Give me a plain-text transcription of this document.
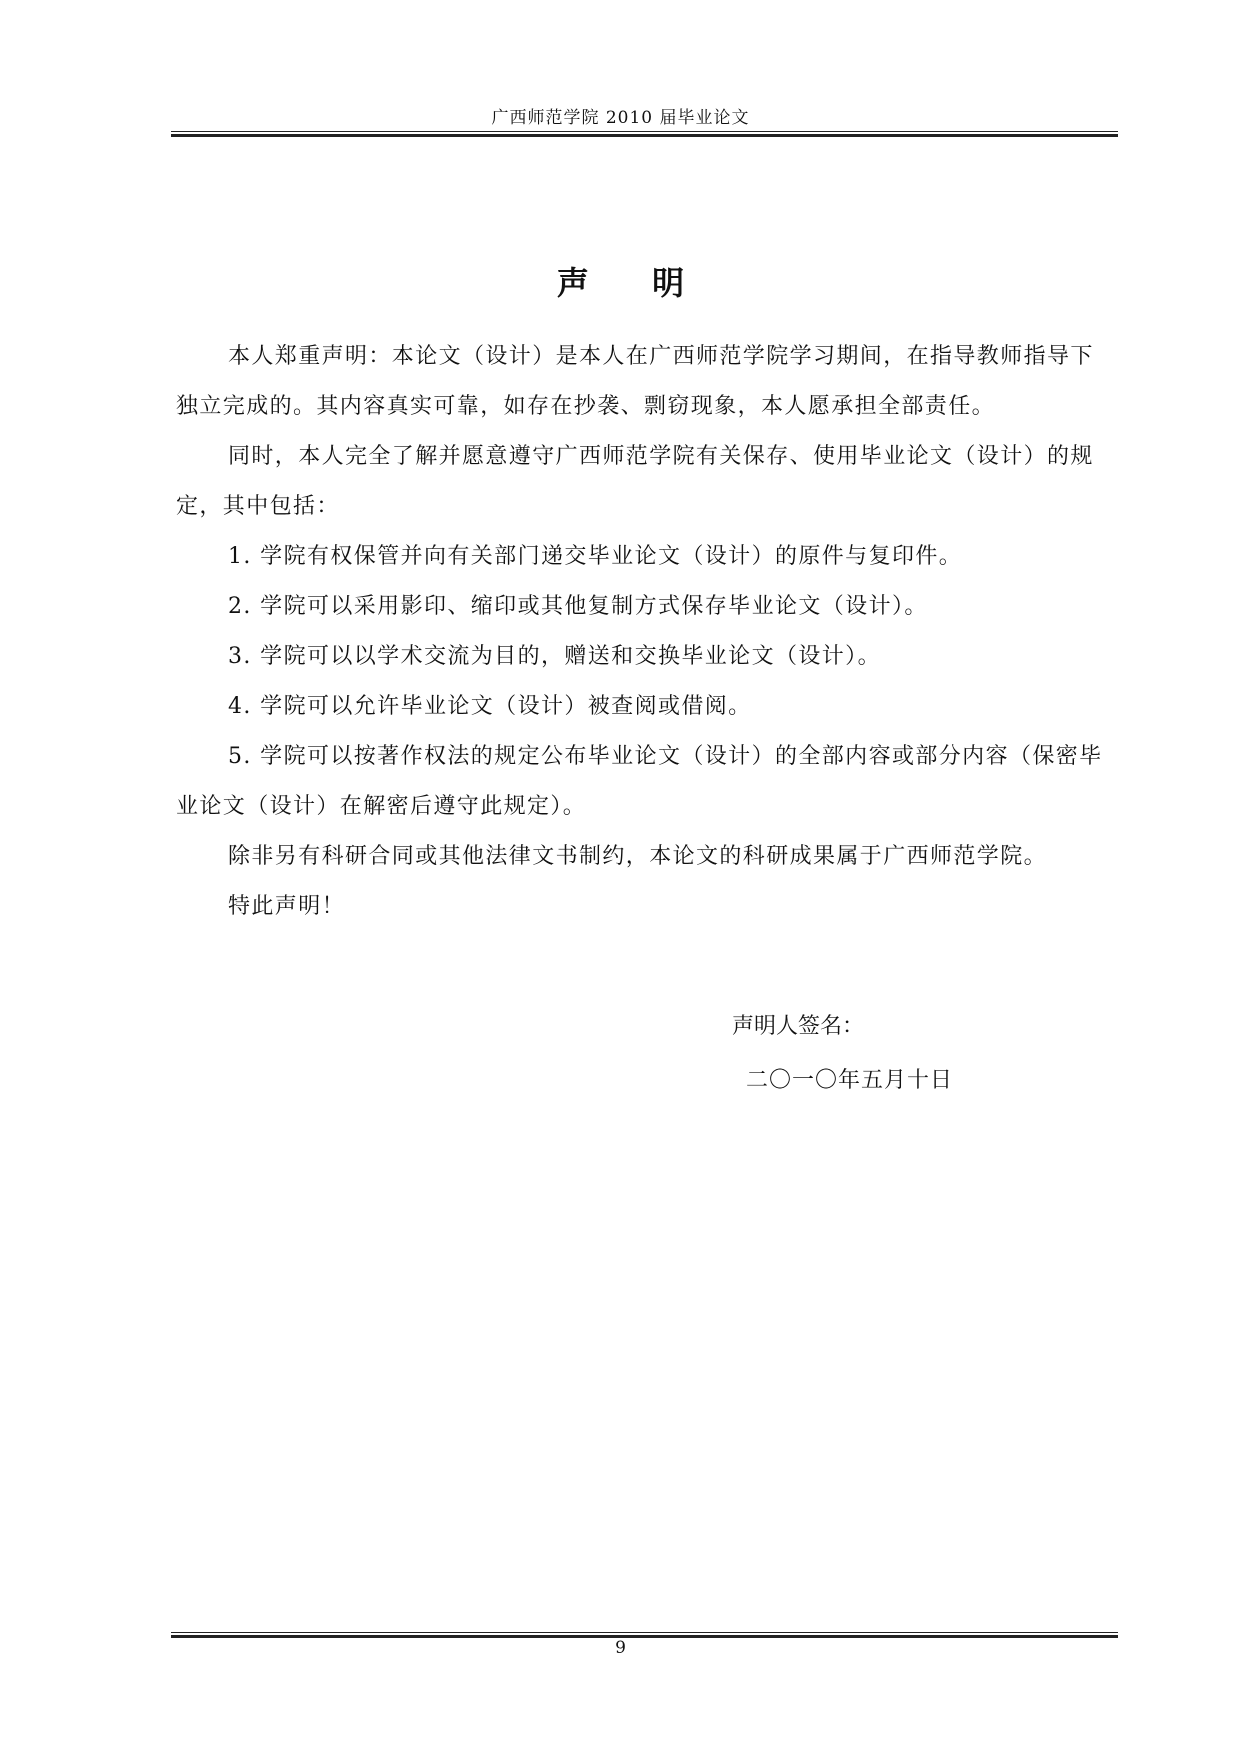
广西师范学院 2010 届毕业论文
声 明

本人郑重声明：本论文（设计）是本人在广西师范学院学习期间，在指导教师指导下独立完成的。其内容真实可靠，如存在抄袭、剽窃现象，本人愿承担全部责任。

同时，本人完全了解并愿意遵守广西师范学院有关保存、使用毕业论文（设计）的规定，其中包括：

1. 学院有权保管并向有关部门递交毕业论文（设计）的原件与复印件。

2. 学院可以采用影印、缩印或其他复制方式保存毕业论文（设计）。

3. 学院可以以学术交流为目的，赠送和交换毕业论文（设计）。

4. 学院可以允许毕业论文（设计）被查阅或借阅。

5. 学院可以按著作权法的规定公布毕业论文（设计）的全部内容或部分内容（保密毕业论文（设计）在解密后遵守此规定）。

除非另有科研合同或其他法律文书制约，本论文的科研成果属于广西师范学院。

特此声明！

声明人签名：
二〇一〇年五月十日
9
